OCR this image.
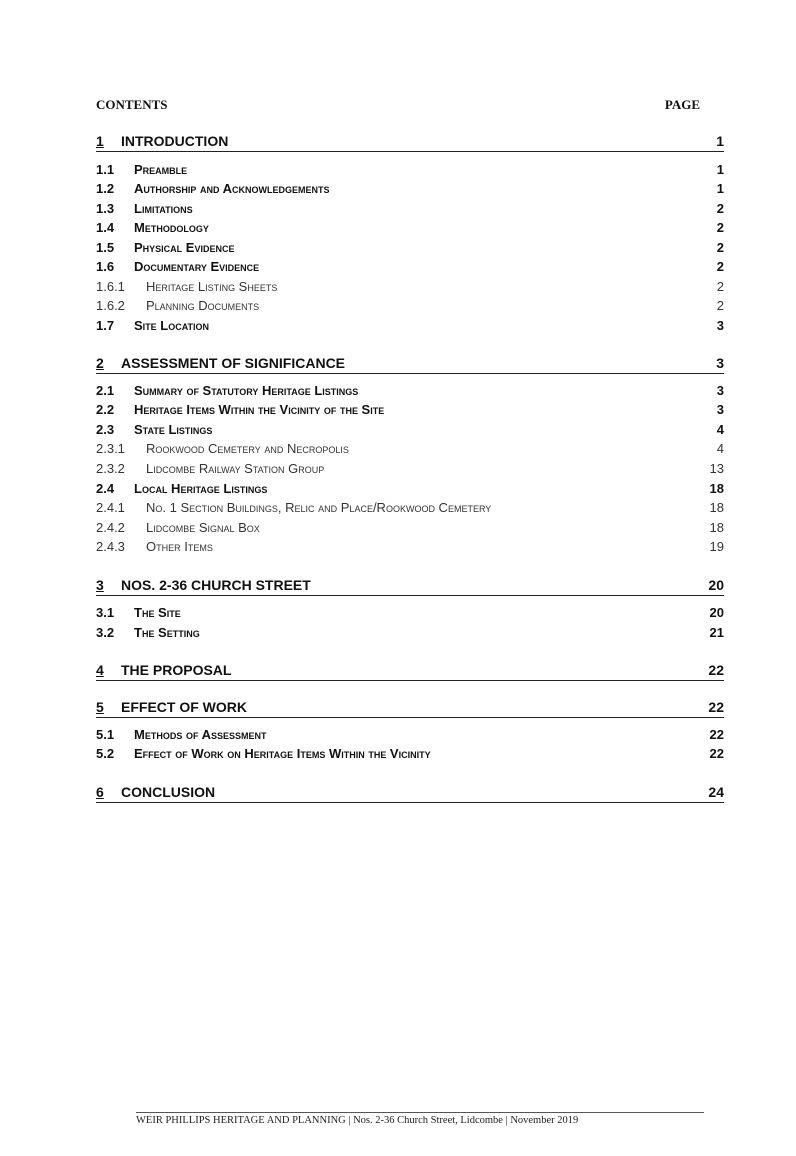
CONTENTS	PAGE
1 INTRODUCTION	1
1.1 Preamble	1
1.2 Authorship and Acknowledgements	1
1.3 Limitations	2
1.4 Methodology	2
1.5 Physical Evidence	2
1.6 Documentary Evidence	2
1.6.1 Heritage Listing Sheets	2
1.6.2 Planning Documents	2
1.7 Site Location	3
2 ASSESSMENT OF SIGNIFICANCE	3
2.1 Summary of Statutory Heritage Listings	3
2.2 Heritage Items Within the Vicinity of the Site	3
2.3 State Listings	4
2.3.1 Rookwood Cemetery and Necropolis	4
2.3.2 Lidcombe Railway Station Group	13
2.4 Local Heritage Listings	18
2.4.1 No. 1 Section Buildings, Relic and Place/Rookwood Cemetery	18
2.4.2 Lidcombe Signal Box	18
2.4.3 Other Items	19
3 NOS. 2-36 CHURCH STREET	20
3.1 The Site	20
3.2 The Setting	21
4 THE PROPOSAL	22
5 EFFECT OF WORK	22
5.1 Methods of Assessment	22
5.2 Effect of Work on Heritage Items Within the Vicinity	22
6 CONCLUSION	24
WEIR PHILLIPS HERITAGE AND PLANNING | Nos. 2-36 Church Street, Lidcombe | November 2019
